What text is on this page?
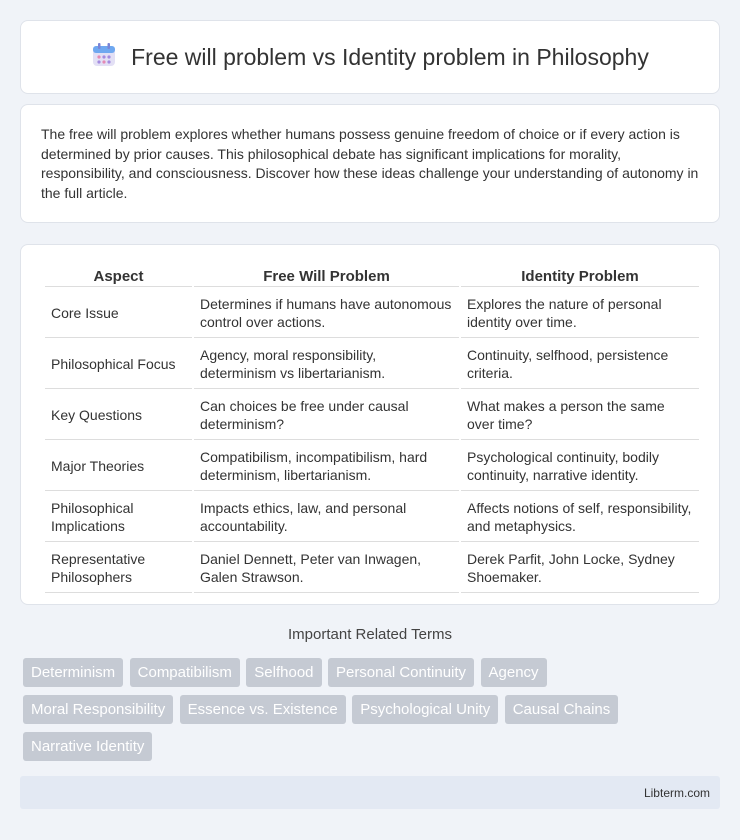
Free will problem vs Identity problem in Philosophy

The free will problem explores whether humans possess genuine freedom of choice or if every action is determined by prior causes. This philosophical debate has significant implications for morality, responsibility, and consciousness. Discover how these ideas challenge your understanding of autonomy in the full article.

Aspect	Free Will Problem	Identity Problem
Core Issue	Determines if humans have autonomous control over actions.	Explores the nature of personal identity over time.
Philosophical Focus	Agency, moral responsibility, determinism vs libertarianism.	Continuity, selfhood, persistence criteria.
Key Questions	Can choices be free under causal determinism?	What makes a person the same over time?
Major Theories	Compatibilism, incompatibilism, hard determinism, libertarianism.	Psychological continuity, bodily continuity, narrative identity.
Philosophical Implications	Impacts ethics, law, and personal accountability.	Affects notions of self, responsibility, and metaphysics.
Representative Philosophers	Daniel Dennett, Peter van Inwagen, Galen Strawson.	Derek Parfit, John Locke, Sydney Shoemaker.
Important Related Terms
Determinism Compatibilism Selfhood Personal Continuity Agency
Moral Responsibility Essence vs. Existence Psychological Unity Causal Chains
Narrative Identity
Libterm.com
